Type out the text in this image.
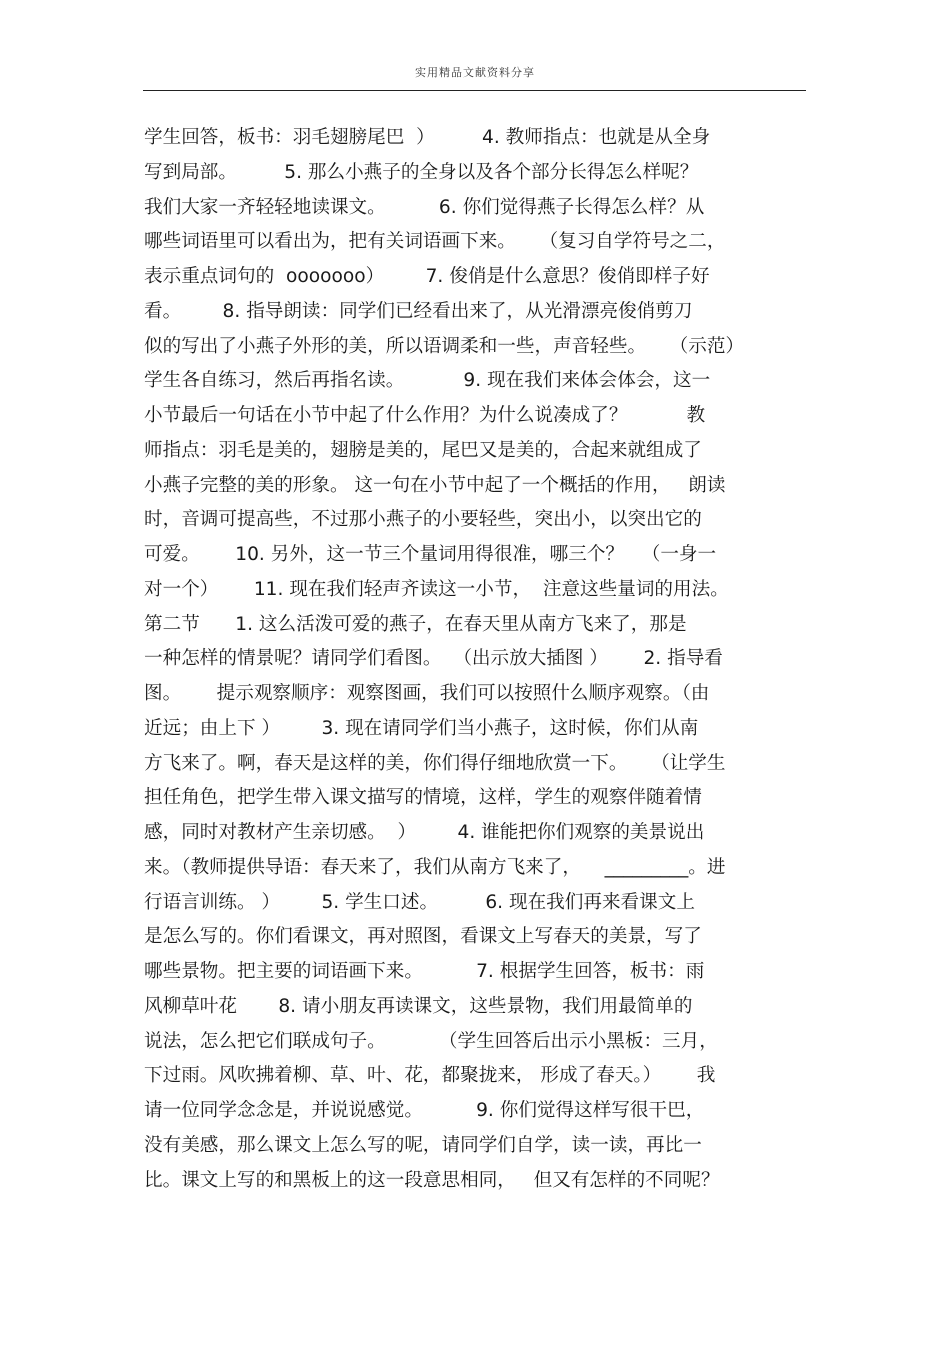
实用精品文献资料分享
学生回答，板书：羽毛翅膀尾巴  ）        4. 教师指点：也就是从全身
写到局部。        5. 那么小燕子的全身以及各个部分长得怎么样呢？
我们大家一齐轻轻地读课文。         6. 你们觉得燕子长得怎么样？从
哪些词语里可以看出为，把有关词语画下来。    （复习自学符号之二，
表示重点词句的  ooooooo）       7. 俊俏是什么意思？俊俏即样子好
看。       8. 指导朗读：同学们已经看出来了，从光滑漂亮俊俏剪刀
似的写出了小燕子外形的美，所以语调柔和一些，声音轻些。    （示范）
学生各自练习，然后再指名读。          9. 现在我们来体会体会，这一
小节最后一句话在小节中起了什么作用？为什么说凑成了？          教
师指点：羽毛是美的，翅膀是美的，尾巴又是美的，合起来就组成了
小燕子完整的美的形象。 这一句在小节中起了一个概括的作用，   朗读
时，音调可提高些，不过那小燕子的小要轻些，突出小，以突出它的
可爱。      10. 另外，这一节三个量词用得很准，哪三个？   （一身一
对一个）      11. 现在我们轻声齐读这一小节，  注意这些量词的用法。
第二节      1. 这么活泼可爱的燕子，在春天里从南方飞来了，那是
一种怎样的情景呢？请同学们看图。  （出示放大插图 ）      2. 指导看
图。      提示观察顺序：观察图画，我们可以按照什么顺序观察。（由
近远；由上下 ）       3. 现在请同学们当小燕子，这时候，你们从南
方飞来了。啊，春天是这样的美，你们得仔细地欣赏一下。    （让学生
担任角色，把学生带入课文描写的情境，这样，学生的观察伴随着情
感，同时对教材产生亲切感。  ）       4. 谁能把你们观察的美景说出
来。（教师提供导语：春天来了，我们从南方飞来了，    _________。进
行语言训练。 ）       5. 学生口述。        6. 现在我们再来看课文上
是怎么写的。你们看课文，再对照图，看课文上写春天的美景，写了
哪些景物。把主要的词语画下来。         7. 根据学生回答，板书：雨
风柳草叶花       8. 请小朋友再读课文，这些景物，我们用最简单的
说法，怎么把它们联成句子。         （学生回答后出示小黑板：三月，
下过雨。风吹拂着柳、草、叶、花，都聚拢来， 形成了春天。）      我
请一位同学念念是，并说说感觉。         9. 你们觉得这样写很干巴，
没有美感，那么课文上怎么写的呢，请同学们自学，读一读，再比一
比。课文上写的和黑板上的这一段意思相同，   但又有怎样的不同呢？
